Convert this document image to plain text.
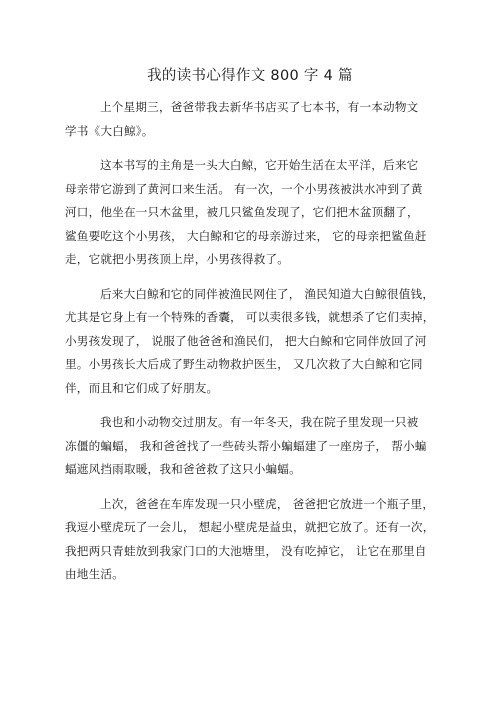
我的读书心得作文 800 字 4 篇
上个星期三，爸爸带我去新华书店买了七本书，有一本动物文
学书《大白鲸》。
这本书写的主角是一头大白鲸，它开始生活在太平洋，后来它
母亲带它游到了黄河口来生活。 有一次，一个小男孩被洪水冲到了黄
河口，他坐在一只木盆里，被几只鲨鱼发现了，它们把木盆顶翻了，
鲨鱼要吃这个小男孩， 大白鲸和它的母亲游过来， 它的母亲把鲨鱼赶
走，它就把小男孩顶上岸，小男孩得救了。
后来大白鲸和它的同伴被渔民网住了， 渔民知道大白鲸很值钱，
尤其是它身上有一个特殊的香囊， 可以卖很多钱，就想杀了它们卖掉，
小男孩发现了， 说服了他爸爸和渔民们， 把大白鲸和它同伴放回了河
里。小男孩长大后成了野生动物救护医生， 又几次救了大白鲸和它同
伴，而且和它们成了好朋友。
我也和小动物交过朋友。有一年冬天，我在院子里发现一只被
冻僵的蝙蝠， 我和爸爸找了一些砖头帮小蝙蝠建了一座房子， 帮小蝙
蝠遮风挡雨取暖，我和爸爸救了这只小蝙蝠。
上次，爸爸在车库发现一只小壁虎， 爸爸把它放进一个瓶子里，
我逗小壁虎玩了一会儿， 想起小壁虎是益虫，就把它放了。还有一次，
我把两只青蛙放到我家门口的大池塘里， 没有吃掉它， 让它在那里自
由地生活。
